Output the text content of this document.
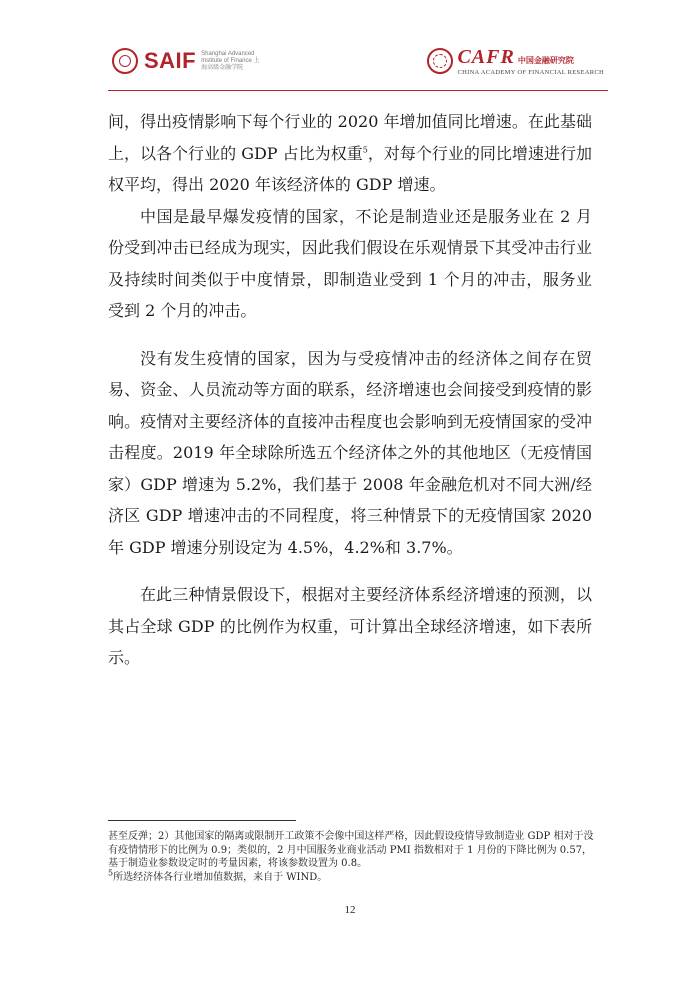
SAIF Shanghai Advanced Institute of Finance 上海高级金融学院	CAFR 中国金融研究院
CHINA ACADEMY OF FINANCIAL RESEARCH

间，得出疫情影响下每个行业的 2020 年增加值同比增速。在此基础上，以各个行业的 GDP 占比为权重$^5$，对每个行业的同比增速进行加权平均，得出 2020 年该经济体的 GDP 增速。

中国是最早爆发疫情的国家，不论是制造业还是服务业在 2 月份受到冲击已经成为现实，因此我们假设在乐观情景下其受冲击行业及持续时间类似于中度情景，即制造业受到 1 个月的冲击，服务业受到 2 个月的冲击。

没有发生疫情的国家，因为与受疫情冲击的经济体之间存在贸易、资金、人员流动等方面的联系，经济增速也会间接受到疫情的影响。疫情对主要经济体的直接冲击程度也会影响到无疫情国家的受冲击程度。2019 年全球除所选五个经济体之外的其他地区（无疫情国家）GDP 增速为 5.2%，我们基于 2008 年金融危机对不同大洲/经济区 GDP 增速冲击的不同程度，将三种情景下的无疫情国家 2020 年 GDP 增速分别设定为 4.5%，4.2%和 3.7%。

在此三种情景假设下，根据对主要经济体系经济增速的预测，以其占全球 GDP 的比例作为权重，可计算出全球经济增速，如下表所示。

甚至反弹；2）其他国家的隔离或限制开工政策不会像中国这样严格，因此假设疫情导致制造业 GDP 相对于没有疫情情形下的比例为 0.9；类似的，2 月中国服务业商业活动 PMI 指数相对于 1 月份的下降比例为 0.57，基于制造业参数设定时的考量因素，将该参数设置为 0.8。

$^5$所选经济体各行业增加值数据，来自于 WIND。

12
